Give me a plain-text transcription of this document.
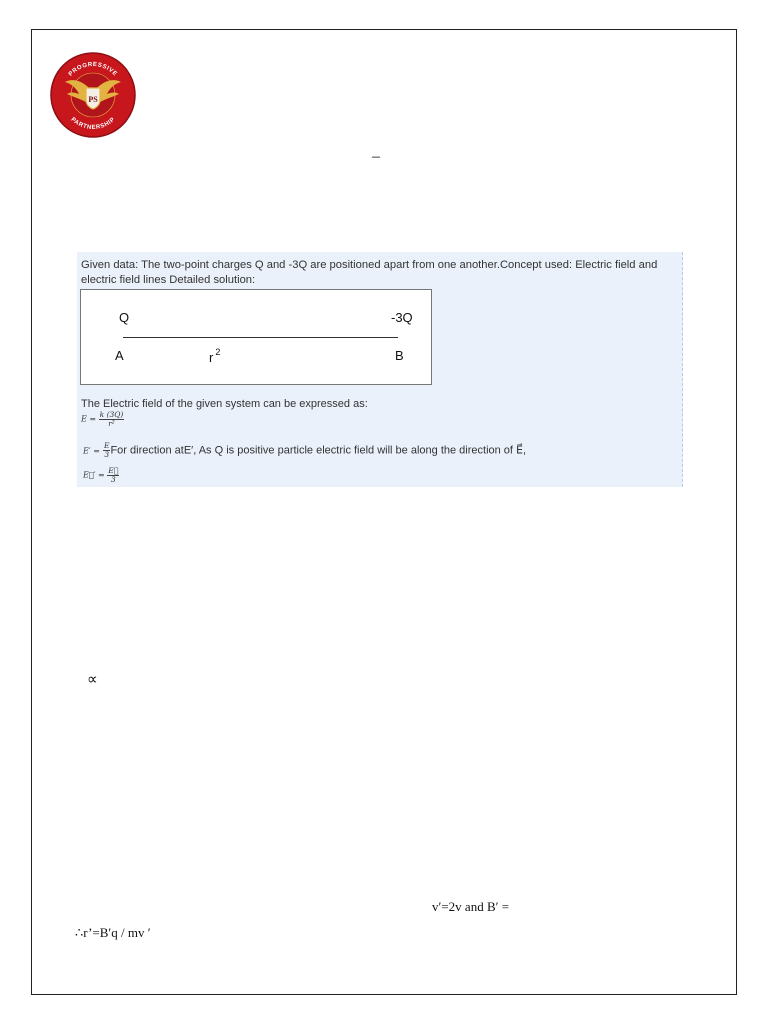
PS
PROGRESSIVE
PARTNERSHIP
–
Given data: The two-point charges Q and -3Q are positioned apart from one another.Concept used: Electric field and electric field lines Detailed solution:
Q	-3Q
A	r $^2$	B
The Electric field of the given system can be expressed as:
$E = \frac{k (3Q)}{\text{r²}}$
$E' = \frac{E}{3}$ For direction atE′, As Q is positive particle electric field will be along the direction of E⃗,
E⃗′ = $\frac{E⃗}{3}$
∝
v′=2v and B′ =
∴r’=B′q / mv ′
